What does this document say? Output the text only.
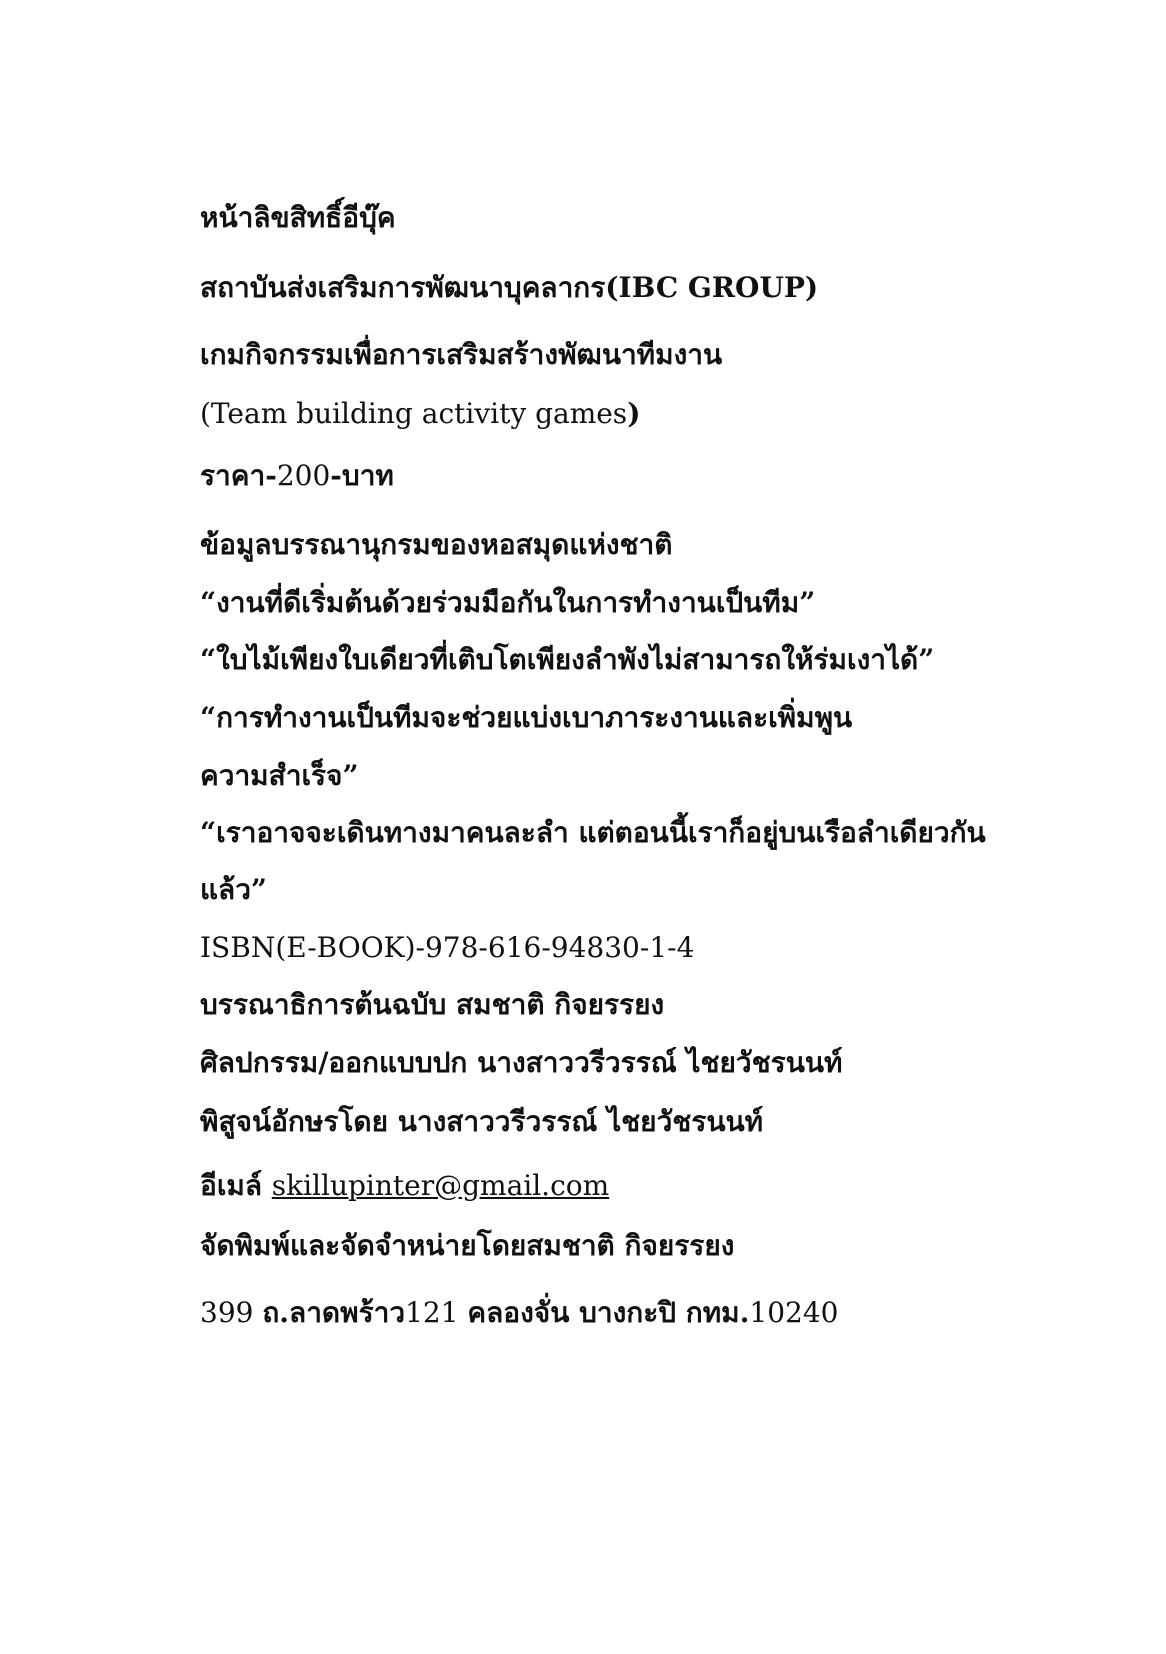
หน้าลิขสิทธิ์อีบุ๊ค
สถาบันส่งเสริมการพัฒนาบุคลากร(IBC GROUP)
เกมกิจกรรมเพื่อการเสริมสร้างพัฒนาทีมงาน
(Team building activity games)
ราคา-200-บาท
ข้อมูลบรรณานุกรมของหอสมุดแห่งชาติ
“งานที่ดีเริ่มต้นด้วยร่วมมือกันในการทำงานเป็นทีม”
“ใบไม้เพียงใบเดียวที่เติบโตเพียงลำพังไม่สามารถให้ร่มเงาได้”
“การทำงานเป็นทีมจะช่วยแบ่งเบาภาระงานและเพิ่มพูน
ความสำเร็จ”
“เราอาจจะเดินทางมาคนละลำ แต่ตอนนี้เราก็อยู่บนเรือลำเดียวกัน
แล้ว”
ISBN(E-BOOK)-978-616-94830-1-4
บรรณาธิการต้นฉบับ สมชาติ กิจยรรยง
ศิลปกรรม/ออกแบบปก นางสาววรีวรรณ์ ไชยวัชรนนท์
พิสูจน์อักษรโดย นางสาววรีวรรณ์ ไชยวัชรนนท์
อีเมล์ skillupinter@gmail.com
จัดพิมพ์และจัดจำหน่ายโดยสมชาติ กิจยรรยง
399 ถ.ลาดพร้าว121 คลองจั่น บางกะปิ กทม.10240
